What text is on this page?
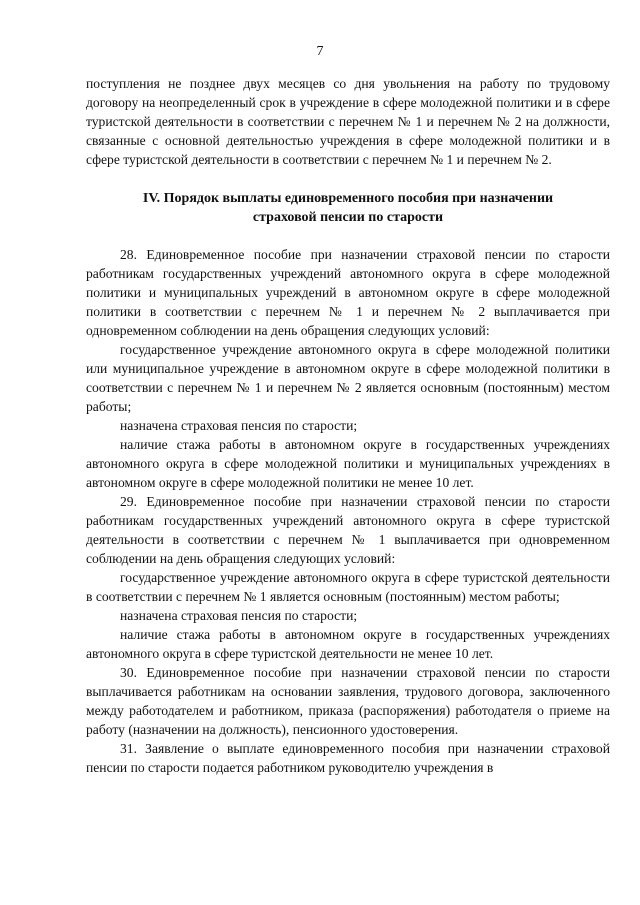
7

поступления не позднее двух месяцев со дня увольнения на работу по трудовому договору на неопределенный срок в учреждение в сфере молодежной политики и в сфере туристской деятельности в соответствии с перечнем № 1 и перечнем № 2 на должности, связанные с основной деятельностью учреждения в сфере молодежной политики и в сфере туристской деятельности в соответствии с перечнем № 1 и перечнем № 2.

IV. Порядок выплаты единовременного пособия при назначении
страховой пенсии по старости

28. Единовременное пособие при назначении страховой пенсии по старости работникам государственных учреждений автономного округа в сфере молодежной политики и муниципальных учреждений в автономном округе в сфере молодежной политики в соответствии с перечнем № 1 и перечнем № 2 выплачивается при одновременном соблюдении на день обращения следующих условий:

государственное учреждение автономного округа в сфере молодежной политики или муниципальное учреждение в автономном округе в сфере молодежной политики в соответствии с перечнем № 1 и перечнем № 2 является основным (постоянным) местом работы;

назначена страховая пенсия по старости;

наличие стажа работы в автономном округе в государственных учреждениях автономного округа в сфере молодежной политики и муниципальных учреждениях в автономном округе в сфере молодежной политики не менее 10 лет.

29. Единовременное пособие при назначении страховой пенсии по старости работникам государственных учреждений автономного округа в сфере туристской деятельности в соответствии с перечнем № 1 выплачивается при одновременном соблюдении на день обращения следующих условий:

государственное учреждение автономного округа в сфере туристской деятельности в соответствии с перечнем № 1 является основным (постоянным) местом работы;

назначена страховая пенсия по старости;

наличие стажа работы в автономном округе в государственных учреждениях автономного округа в сфере туристской деятельности не менее 10 лет.

30. Единовременное пособие при назначении страховой пенсии по старости выплачивается работникам на основании заявления, трудового договора, заключенного между работодателем и работником, приказа (распоряжения) работодателя о приеме на работу (назначении на должность), пенсионного удостоверения.

31. Заявление о выплате единовременного пособия при назначении страховой пенсии по старости подается работником руководителю учреждения в
